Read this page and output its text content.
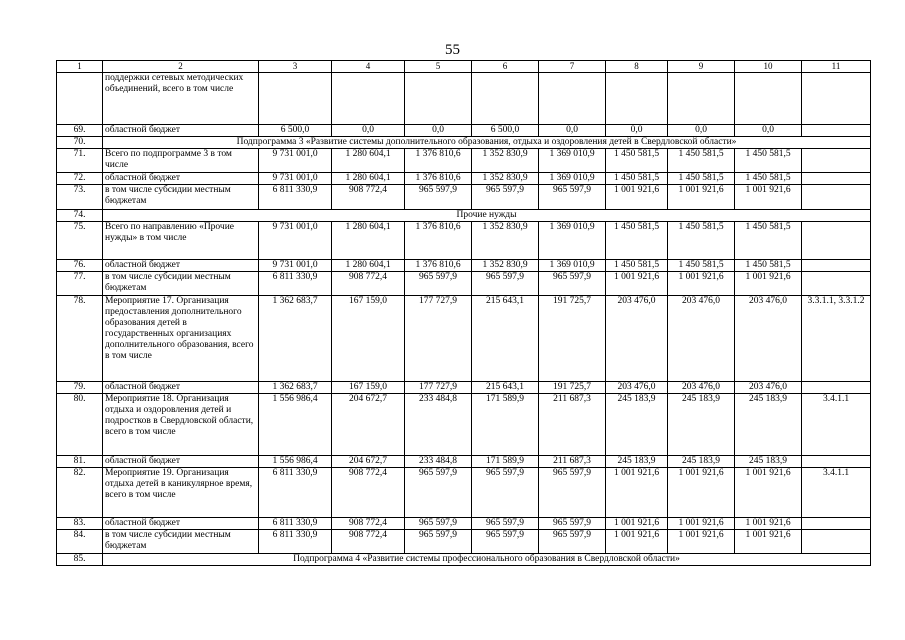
55
1	2	3	4	5	6	7	8	9	10	11
	поддержки сетевых методических объединений, всего в том числе									
69.	областной бюджет	6 500,0	0,0	0,0	6 500,0	0,0	0,0	0,0	0,0	
70.	Подпрограмма 3 «Развитие системы дополнительного образования, отдыха и оздоровления детей в Свердловской области»									
71.	Всего по подпрограмме 3 в том числе	9 731 001,0	1 280 604,1	1 376 810,6	1 352 830,9	1 369 010,9	1 450 581,5	1 450 581,5	1 450 581,5	
72.	областной бюджет	9 731 001,0	1 280 604,1	1 376 810,6	1 352 830,9	1 369 010,9	1 450 581,5	1 450 581,5	1 450 581,5	
73.	в том числе субсидии местным бюджетам	6 811 330,9	908 772,4	965 597,9	965 597,9	965 597,9	1 001 921,6	1 001 921,6	1 001 921,6	
74.	Прочие нужды									
75.	Всего по направлению «Прочие нужды» в том числе	9 731 001,0	1 280 604,1	1 376 810,6	1 352 830,9	1 369 010,9	1 450 581,5	1 450 581,5	1 450 581,5	
76.	областной бюджет	9 731 001,0	1 280 604,1	1 376 810,6	1 352 830,9	1 369 010,9	1 450 581,5	1 450 581,5	1 450 581,5	
77.	в том числе субсидии местным бюджетам	6 811 330,9	908 772,4	965 597,9	965 597,9	965 597,9	1 001 921,6	1 001 921,6	1 001 921,6	
78.	Мероприятие 17. Организация предоставления дополнительного образования детей в государственных организациях дополнительного образования, всего в том числе	1 362 683,7	167 159,0	177 727,9	215 643,1	191 725,7	203 476,0	203 476,0	203 476,0	3.3.1.1, 3.3.1.2
79.	областной бюджет	1 362 683,7	167 159,0	177 727,9	215 643,1	191 725,7	203 476,0	203 476,0	203 476,0	
80.	Мероприятие 18. Организация отдыха и оздоровления детей и подростков в Свердловской области, всего в том числе	1 556 986,4	204 672,7	233 484,8	171 589,9	211 687,3	245 183,9	245 183,9	245 183,9	3.4.1.1
81.	областной бюджет	1 556 986,4	204 672,7	233 484,8	171 589,9	211 687,3	245 183,9	245 183,9	245 183,9	
82.	Мероприятие 19. Организация отдыха детей в каникулярное время, всего в том числе	6 811 330,9	908 772,4	965 597,9	965 597,9	965 597,9	1 001 921,6	1 001 921,6	1 001 921,6	3.4.1.1
83.	областной бюджет	6 811 330,9	908 772,4	965 597,9	965 597,9	965 597,9	1 001 921,6	1 001 921,6	1 001 921,6	
84.	в том числе субсидии местным бюджетам	6 811 330,9	908 772,4	965 597,9	965 597,9	965 597,9	1 001 921,6	1 001 921,6	1 001 921,6	
85.	Подпрограмма 4 «Развитие системы профессионального образования в Свердловской области»									
